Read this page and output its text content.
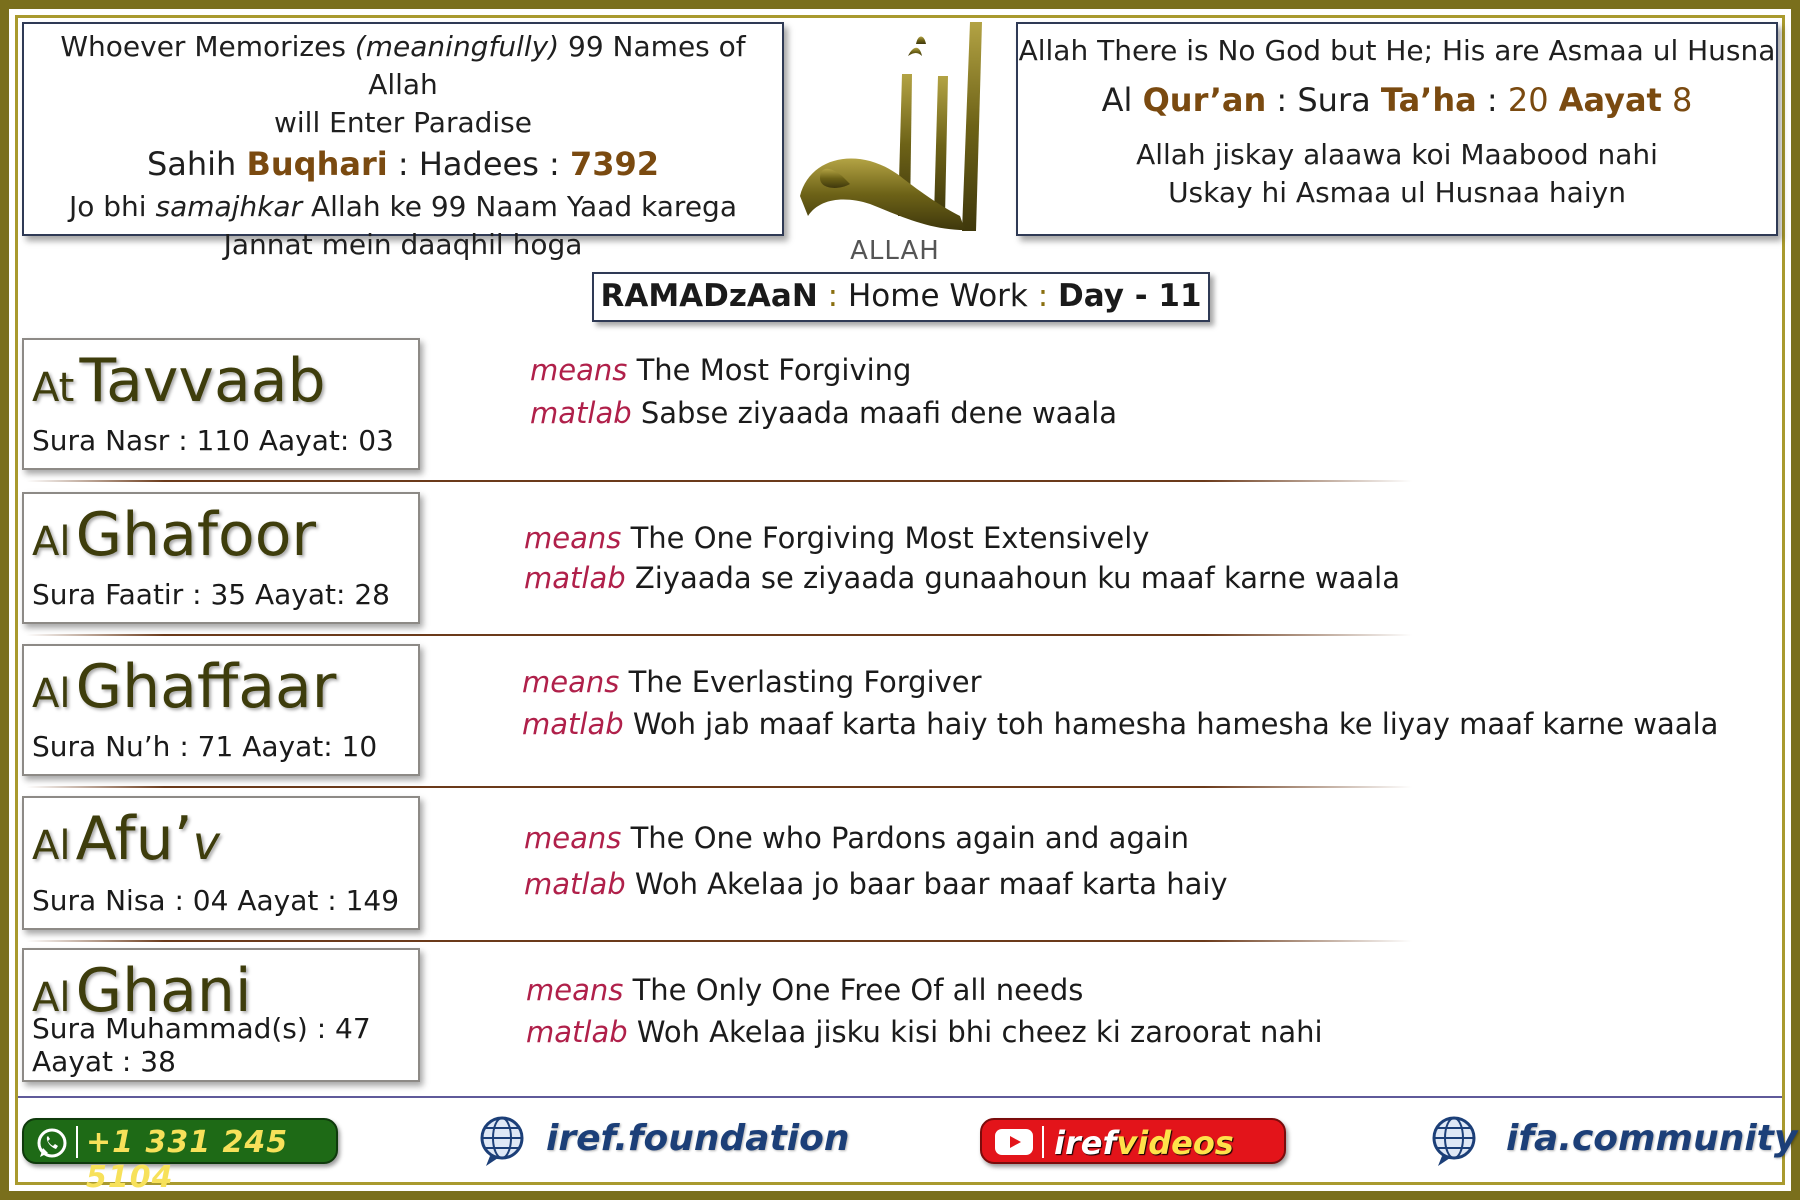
Whoever Memorizes (meaningfully) 99 Names of Allah
will Enter Paradise
Sahih Buqhari : Hadees : 7392
Jo bhi samajhkar Allah ke 99 Naam Yaad karega
Jannat mein daaqhil hoga	ALLAH
Allah There is No God but He; His are Asmaa ul Husna
Al Qur’an : Sura Ta’ha : 20 Aayat 8
Allah jiskay alaawa koi Maabood nahi
Uskay hi Asmaa ul Husnaa haiyn
RAMADzAaN : Home Work : Day - 11
At Tavvaab
Sura Nasr : 110 Aayat: 03
means The Most Forgiving
matlab Sabse ziyaada maafi dene waala
Al Ghafoor
Sura Faatir : 35 Aayat: 28
means The One Forgiving Most Extensively
matlab Ziyaada se ziyaada gunaahoun ku maaf karne waala
Al Ghaffaar
Sura Nu’h : 71 Aayat: 10
means The Everlasting Forgiver
matlab Woh jab maaf karta haiy toh hamesha hamesha ke liyay maaf karne waala
Al Afu’v
Sura Nisa : 04 Aayat : 149
means The One who Pardons again and again
matlab Woh Akelaa jo baar baar maaf karta haiy
Al Ghani
Sura Muhammad(s) : 47
Aayat : 38
means The Only One Free Of all needs
matlab Woh Akelaa jisku kisi bhi cheez ki zaroorat nahi
+1 331 245 5104
iref.foundation	irefvideos	ifa.community
